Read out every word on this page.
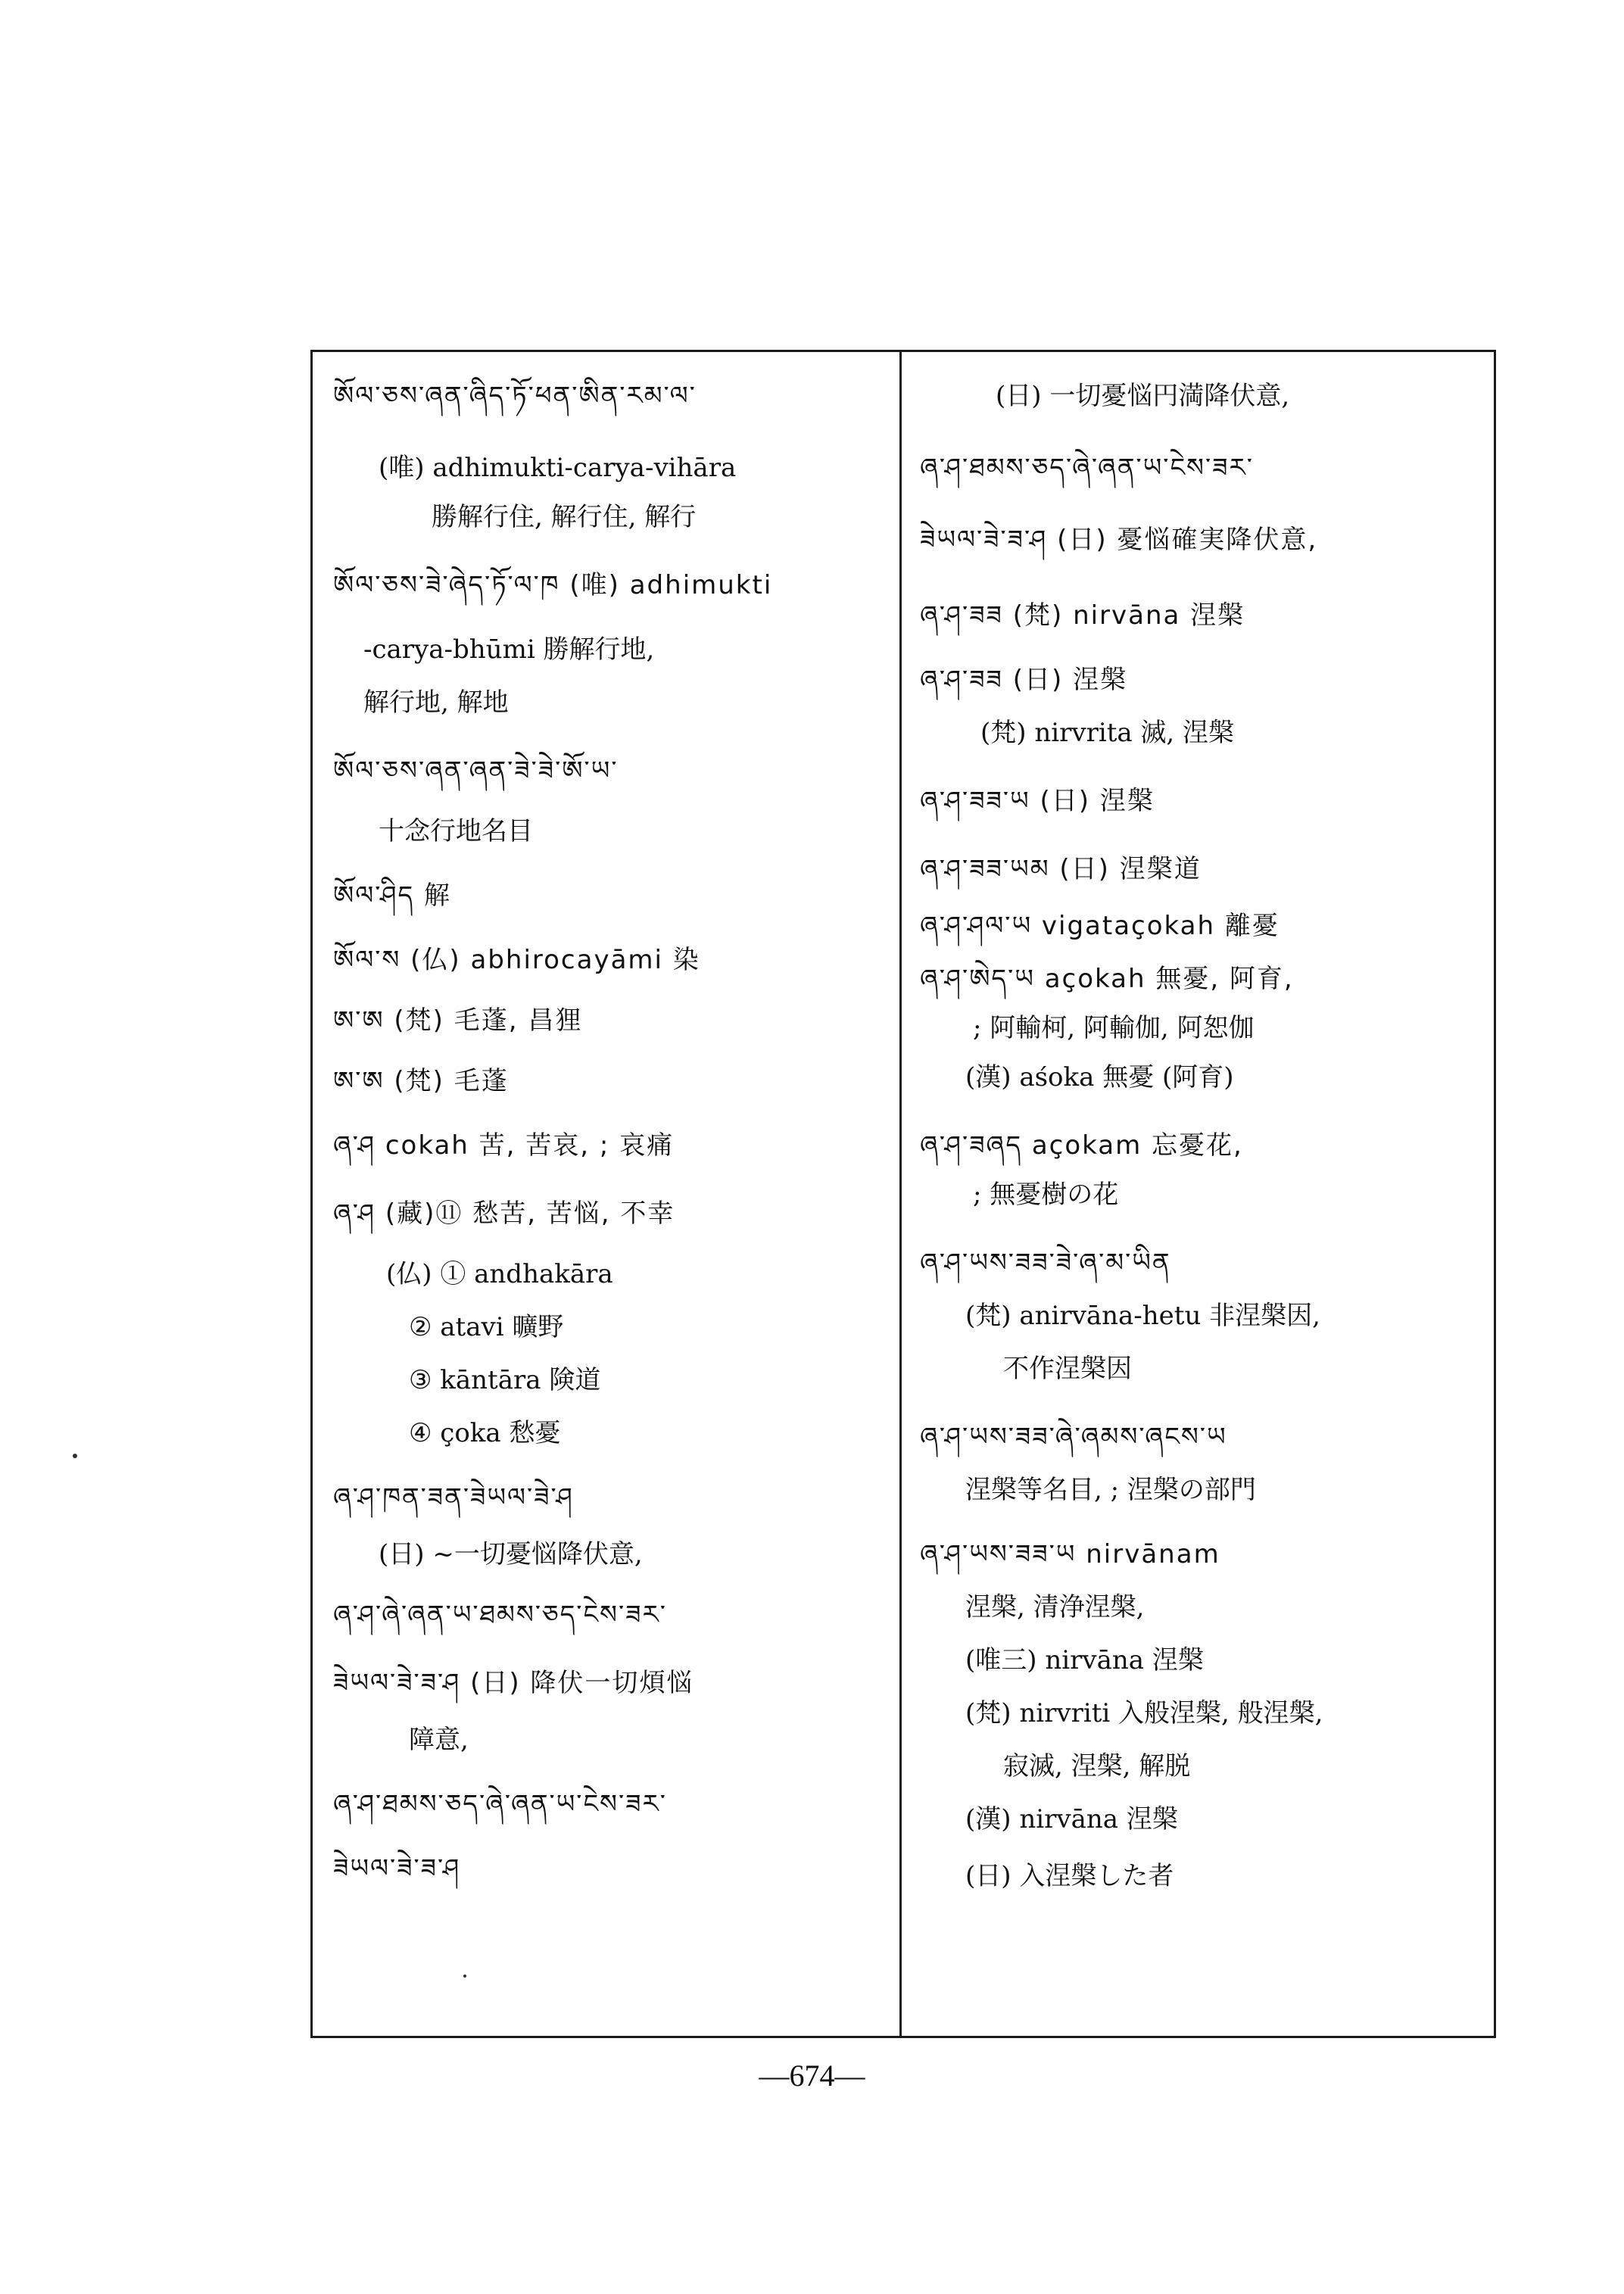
ཨོལ་ཅས་ཞན་ཞིད་ཏོ་ཕན་ཨིན་རམ་ལ་
(唯) adhimukti-carya-vihāra
勝解行住, 解行住, 解行
ཨོལ་ཅས་ཟེ་ཞེད་ཏོ་ལ་ཁ (唯) adhimukti
-carya-bhūmi 勝解行地,
解行地, 解地
ཨོལ་ཅས་ཞན་ཞན་ཟེ་ཟེ་ཨོ་ཡ་
十念行地名目
ཨོལ་ཤིད 解
ཨོལ་ས (仏) abhirocayāmi 染
ཨ་ཨ (梵) 毛蓬, 昌狸
ཨ་ཨ (梵) 毛蓬
ཞ་ཤ cokah 苦, 苦哀, ; 哀痛
ཞ་ཤ (藏)⑪ 愁苦, 苦悩, 不幸
(仏) ① andhakāra
② atavi 曠野
③ kāntāra 険道
④ çoka 愁憂
ཞ་ཤ་ཁན་ཟན་ཟེཡལ་ཟེ་ཤ
(日) ~一切憂悩降伏意,
ཞ་ཤ་ཞེ་ཞན་ཡ་ཐམས་ཅད་ངེས་ཟར་
ཟེཡལ་ཟེ་ཟ་ཤ (日) 降伏一切煩悩
障意,
ཞ་ཤ་ཐམས་ཅད་ཞེ་ཞན་ཡ་ངེས་ཟར་
ཟེཡལ་ཟེ་ཟ་ཤ
(日) 一切憂悩円満降伏意,
ཞ་ཤ་ཐམས་ཅད་ཞེ་ཞན་ཡ་ངེས་ཟར་
ཟེཡལ་ཟེ་ཟ་ཤ (日) 憂悩確実降伏意,
ཞ་ཤ་ཟཟ (梵) nirvāna 涅槃
ཞ་ཤ་ཟཟ (日) 涅槃
(梵) nirvrita 滅, 涅槃
ཞ་ཤ་ཟཟ་ཡ (日) 涅槃
ཞ་ཤ་ཟཟ་ཡམ (日) 涅槃道
ཞ་ཤ་ཤལ་ཡ vigataçokah 離憂
ཞ་ཤ་ཨེད་ཡ açokah 無憂, 阿育,
; 阿輸柯, 阿輸伽, 阿恕伽
(漢) aśoka 無憂 (阿育)
ཞ་ཤ་ཟཞད açokam 忘憂花,
; 無憂樹の花
ཞ་ཤ་ཡས་ཟཟ་ཟེ་ཞ་མ་ཡིན
(梵) anirvāna-hetu 非涅槃因,
不作涅槃因
ཞ་ཤ་ཡས་ཟཟ་ཞེ་ཞམས་ཞངས་ཡ
涅槃等名目, ; 涅槃の部門
ཞ་ཤ་ཡས་ཟཟ་ཡ nirvānam
涅槃, 清浄涅槃,
(唯三) nirvāna 涅槃
(梵) nirvriti 入般涅槃, 般涅槃,
寂滅, 涅槃, 解脱
(漢) nirvāna 涅槃
(日) 入涅槃した者
—674—
